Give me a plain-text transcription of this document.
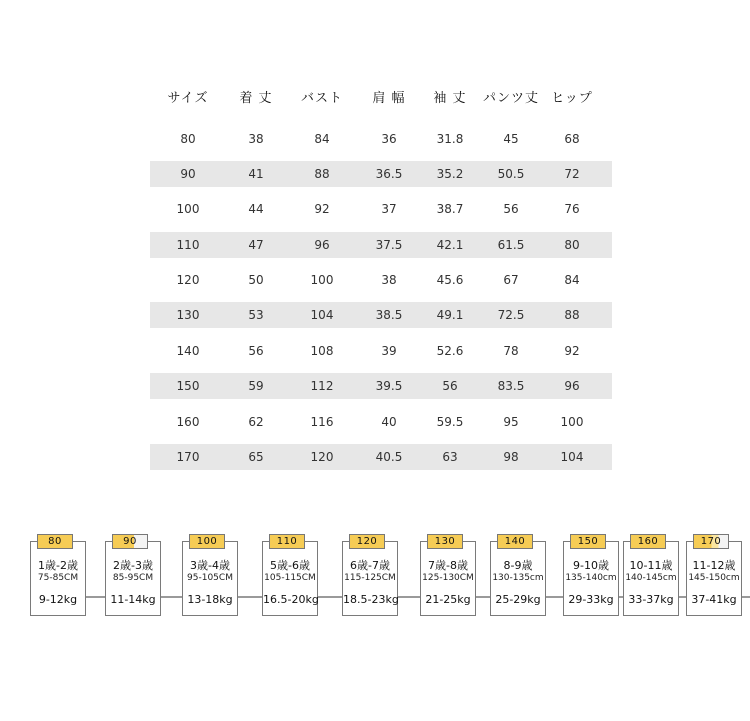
サイズ 着 丈 バスト 肩 幅 袖 丈 パンツ丈 ヒップ
80	38	84	36	31.8	45	68
90	41	88	36.5	35.2	50.5	72
100	44	92	37	38.7	56	76
110	47	96	37.5	42.1	61.5	80
120	50	100	38	45.6	67	84
130	53	104	38.5	49.1	72.5	88
140	56	108	39	52.6	78	92
150	59	112	39.5	56	83.5	96
160	62	116	40	59.5	95	100
170	65	120	40.5	63	98	104
1歳-2歳
75-85CM
9-12kg
80
2歳-3歳
85-95CM
11-14kg
90
3歳-4歳
95-105CM
13-18kg
100
5歳-6歳
105-115CM
16.5-20kg
110
6歳-7歳
115-125CM
18.5-23kg
120
7歳-8歳
125-130CM
21-25kg
130
8-9歳
130-135cm
25-29kg
140
9-10歳
135-140cm
29-33kg
150
10-11歳
140-145cm
33-37kg
160
11-12歳
145-150cm
37-41kg
170
